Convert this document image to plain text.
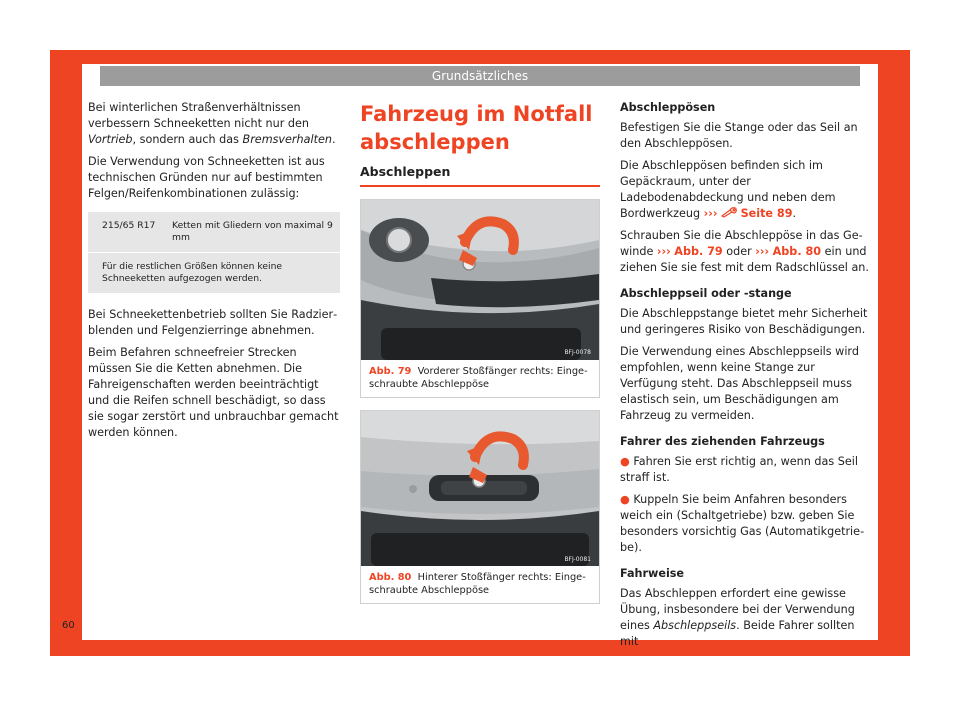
Grundsätzliches

Bei winterlichen Straßenverhältnissen verbessern Schneeketten nicht nur den Vortrieb, sondern auch das Bremsverhalten.

Die Verwendung von Schneeketten ist aus technischen Gründen nur auf bestimmten Felgen/Reifenkombinationen zulässig:

215/65 R17	Ketten mit Gliedern von maximal 9 mm
Für die restlichen Größen können keine Schneeketten aufgezogen werden.

Bei Schneekettenbetrieb sollten Sie Radzierblenden und Felgenzierringe abnehmen.

Beim Befahren schneefreier Strecken müssen Sie die Ketten abnehmen. Die Fahreigenschaften werden beeinträchtigt und die Reifen schnell beschädigt, so dass sie sogar zerstört und unbrauchbar gemacht werden können.

Fahrzeug im Notfall abschleppen
Abschleppen
BFJ-0078
Abb. 79 Vorderer Stoßfänger rechts: Eingeschraubte Abschleppöse
BFJ-0081
Abb. 80 Hinterer Stoßfänger rechts: Eingeschraubte Abschleppöse
Abschleppösen

Befestigen Sie die Stange oder das Seil an den Abschleppösen.

Die Abschleppösen befinden sich im Gepäckraum, unter der Ladebodenabdeckung und neben dem Bordwerkzeug ››› Seite 89.

Schrauben Sie die Abschleppöse in das Gewinde ››› Abb. 79 oder ››› Abb. 80 ein und ziehen Sie sie fest mit dem Radschlüssel an.

Abschleppseil oder -stange

Die Abschleppstange bietet mehr Sicherheit und geringeres Risiko von Beschädigungen.

Die Verwendung eines Abschleppseils wird empfohlen, wenn keine Stange zur Verfügung steht. Das Abschleppseil muss elastisch sein, um Beschädigungen am Fahrzeug zu vermeiden.

Fahrer des ziehenden Fahrzeugs

● Fahren Sie erst richtig an, wenn das Seil straff ist.

● Kuppeln Sie beim Anfahren besonders weich ein (Schaltgetriebe) bzw. geben Sie besonders vorsichtig Gas (Automatikgetriebe).

Fahrweise

Das Abschleppen erfordert eine gewisse Übung, insbesondere bei der Verwendung eines Abschleppseils. Beide Fahrer sollten mit

60
